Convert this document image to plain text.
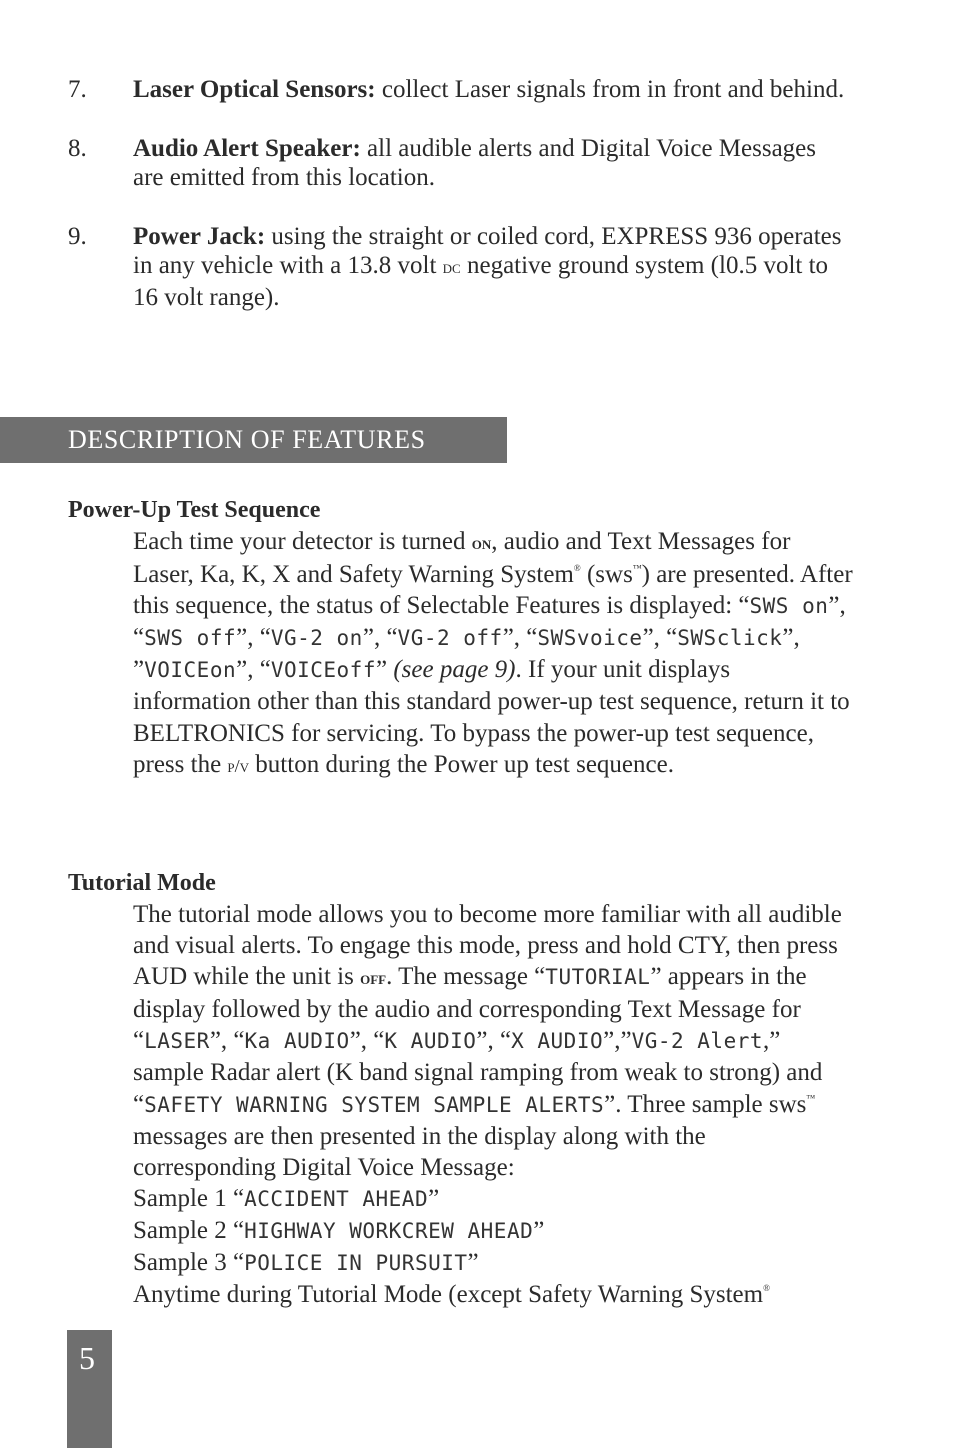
7. Laser Optical Sensors: collect Laser signals from in front and behind.
8. Audio Alert Speaker: all audible alerts and Digital Voice Messages are emitted from this location.
9. Power Jack: using the straight or coiled cord, EXPRESS 936 operates in any vehicle with a 13.8 volt dc negative ground system (l0.5 volt to 16 volt range).
DESCRIPTION OF FEATURES
Power-Up Test Sequence
Each time your detector is turned on, audio and Text Messages for Laser, Ka, K, X and Safety Warning System® (sws™) are presented. After this sequence, the status of Selectable Features is displayed: “SWS on”, “SWS off”, “VG-2 on”, “VG-2 off”, “SWSvoice”, “SWSclick”, ”VOICEon”, “VOICEoff” (see page 9). If your unit displays information other than this standard power-up test sequence, return it to BELTRONICS for servicing. To bypass the power-up test sequence, press the p/v button during the Power up test sequence.
Tutorial Mode
The tutorial mode allows you to become more familiar with all audible and visual alerts. To engage this mode, press and hold CTY, then press AUD while the unit is off. The message “TUTORIAL” appears in the display followed by the audio and corresponding Text Message for “LASER”, “Ka AUDIO”, “K AUDIO”, “X AUDIO”,”VG-2 Alert,” sample Radar alert (K band signal ramping from weak to strong) and “SAFETY WARNING SYSTEM SAMPLE ALERTS”. Three sample sws™ messages are then presented in the display along with the corresponding Digital Voice Message:
Sample 1 “ACCIDENT AHEAD”
Sample 2 “HIGHWAY WORKCREW AHEAD”
Sample 3 “POLICE IN PURSUIT”
Anytime during Tutorial Mode (except Safety Warning System®
5
